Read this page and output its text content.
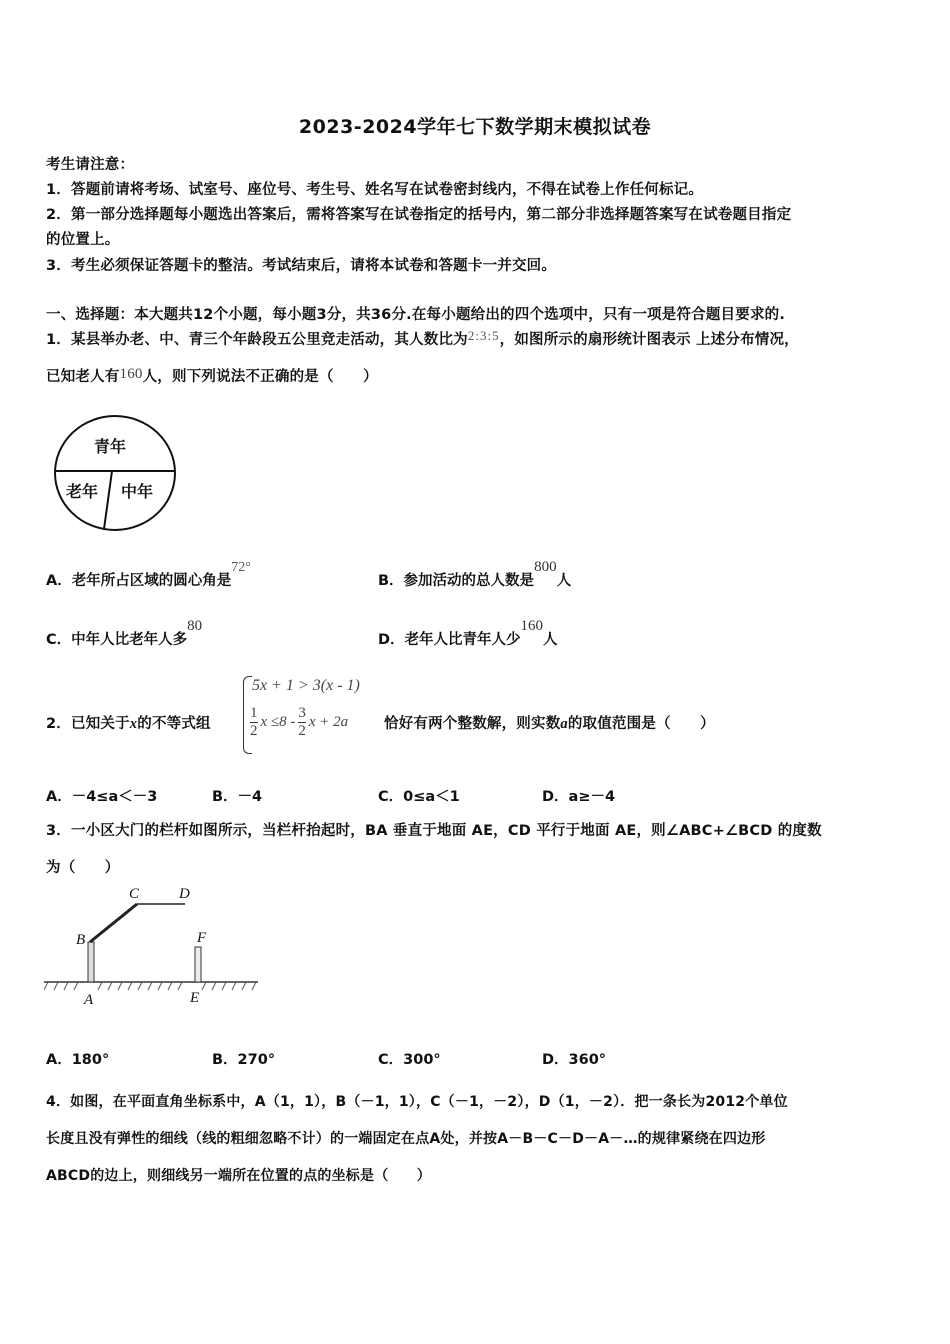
2023-2024学年七下数学期末模拟试卷
考生请注意：
1．答题前请将考场、试室号、座位号、考生号、姓名写在试卷密封线内，不得在试卷上作任何标记。
2．第一部分选择题每小题选出答案后，需将答案写在试卷指定的括号内，第二部分非选择题答案写在试卷题目指定
的位置上。
3．考生必须保证答题卡的整洁。考试结束后，请将本试卷和答题卡一并交回。
一、选择题：本大题共12个小题，每小题3分，共36分.在每小题给出的四个选项中，只有一项是符合题目要求的.
1．某县举办老、中、青三个年龄段五公里竞走活动，其人数比为2:3:5，如图所示的扇形统计图表示 上述分布情况，
已知老人有160人，则下列说法不正确的是（　　）
青年
老年 中年
A．老年所占区域的圆心角是72°
B．参加活动的总人数是800人
C．中年人比老年人多80
D．老年人比青年人少160人
2．已知关于x的不等式组
5x + 1 > 3(x - 1)
$\frac{1}{2}$ $x \le 8 - \frac{3}{2}$ x + 2a 恰好有两个整数解，则实数a的取值范围是（　　）
A．－4≤a＜－3	B．－4	C．0≤a＜1	D．a≥－4
3．一小区大门的栏杆如图所示，当栏杆抬起时，BA 垂直于地面 AE，CD 平行于地面 AE，则∠ABC+∠BCD 的度数
为（　　）
A
B
C	D
E
F
A．180°	B．270°	C．300°	D．360°
4．如图，在平面直角坐标系中，A（1，1），B（－1，1），C（－1，－2），D（1，－2）．把一条长为2012个单位
长度且没有弹性的细线（线的粗细忽略不计）的一端固定在点A处，并按A－B－C－D－A－…的规律紧绕在四边形
ABCD的边上，则细线另一端所在位置的点的坐标是（　　）
